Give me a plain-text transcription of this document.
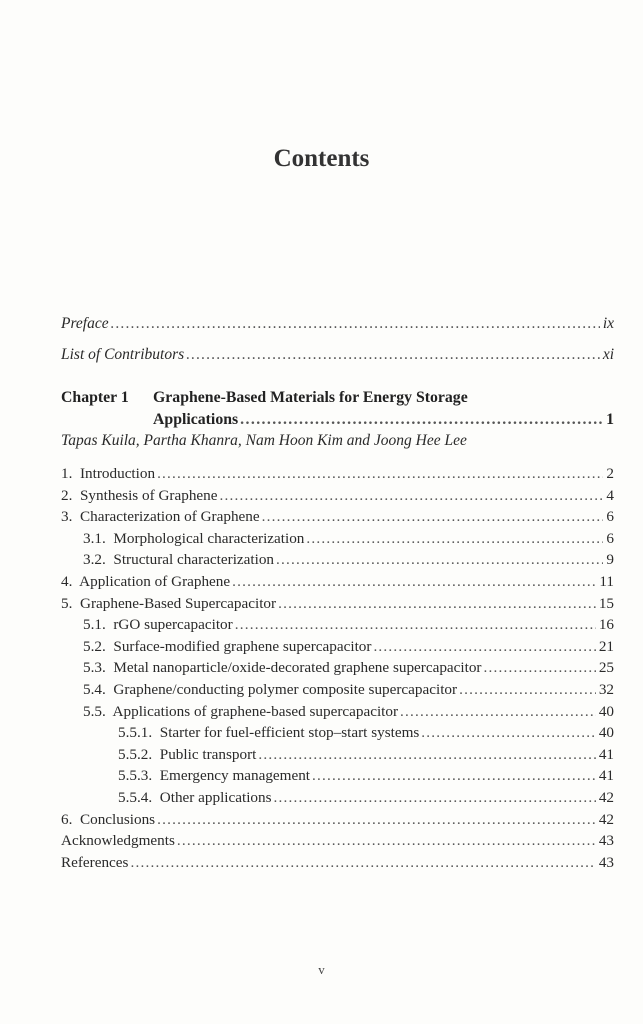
Contents
Preface .....	ix
List of Contributors .....	xi
Chapter 1	Graphene-Based Materials for Energy Storage
Applications .....	1
Tapas Kuila, Partha Khanra, Nam Hoon Kim and Joong Hee Lee
1. Introduction .....	2
2. Synthesis of Graphene .....	4
3. Characterization of Graphene .....	6
3.1. Morphological characterization .....	6
3.2. Structural characterization .....	9
4. Application of Graphene .....	11
5. Graphene-Based Supercapacitor .....	15
5.1. rGO supercapacitor .....	16
5.2. Surface-modified graphene supercapacitor .....	21
5.3. Metal nanoparticle/oxide-decorated graphene supercapacitor .....	25
5.4. Graphene/conducting polymer composite supercapacitor .....	32
5.5. Applications of graphene-based supercapacitor .....	40
5.5.1. Starter for fuel-efficient stop–start systems .....	40
5.5.2. Public transport .....	41
5.5.3. Emergency management .....	41
5.5.4. Other applications .....	42
6. Conclusions .....	42
Acknowledgments .....	43
References .....	43
v
